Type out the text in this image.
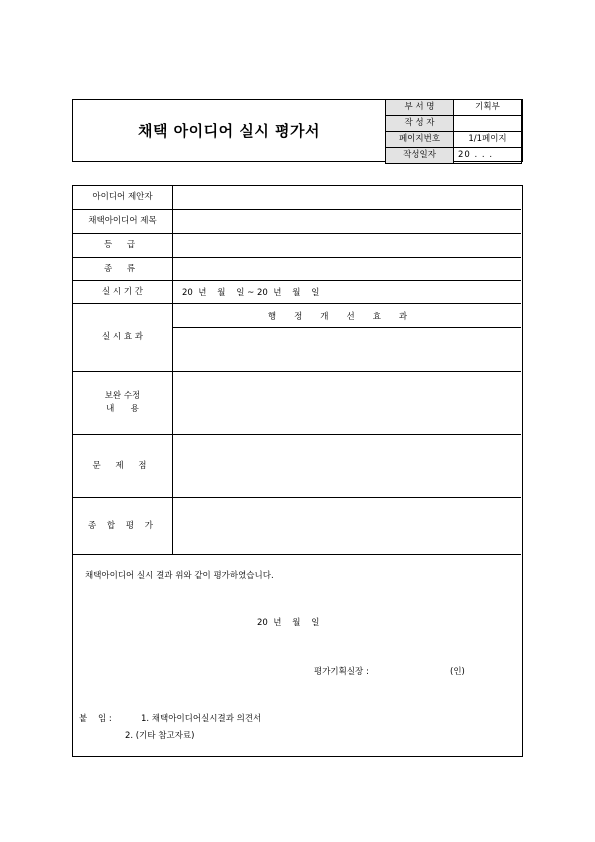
채택 아이디어 실시 평가서
부 서 명	기획부
작 성 자	
페이지번호	1/1페이지
작성일자	20 . . .
아이디어 제안자
채택아이디어 제목
등 급
종 류
실 시 기 간	20  년    월    일 ~ 20  년    월    일
실 시 효 과
행정개선효과
보완 수정
내      용
문 제 점
종 합 평 가
채택아이디어 실시 결과 위와 같이 평가하였습니다.
20  년    월    일
평가기획실장 :	(인)
붙    임 :	1. 채택아이디어실시결과 의견서
2. (기타 참고자료)
